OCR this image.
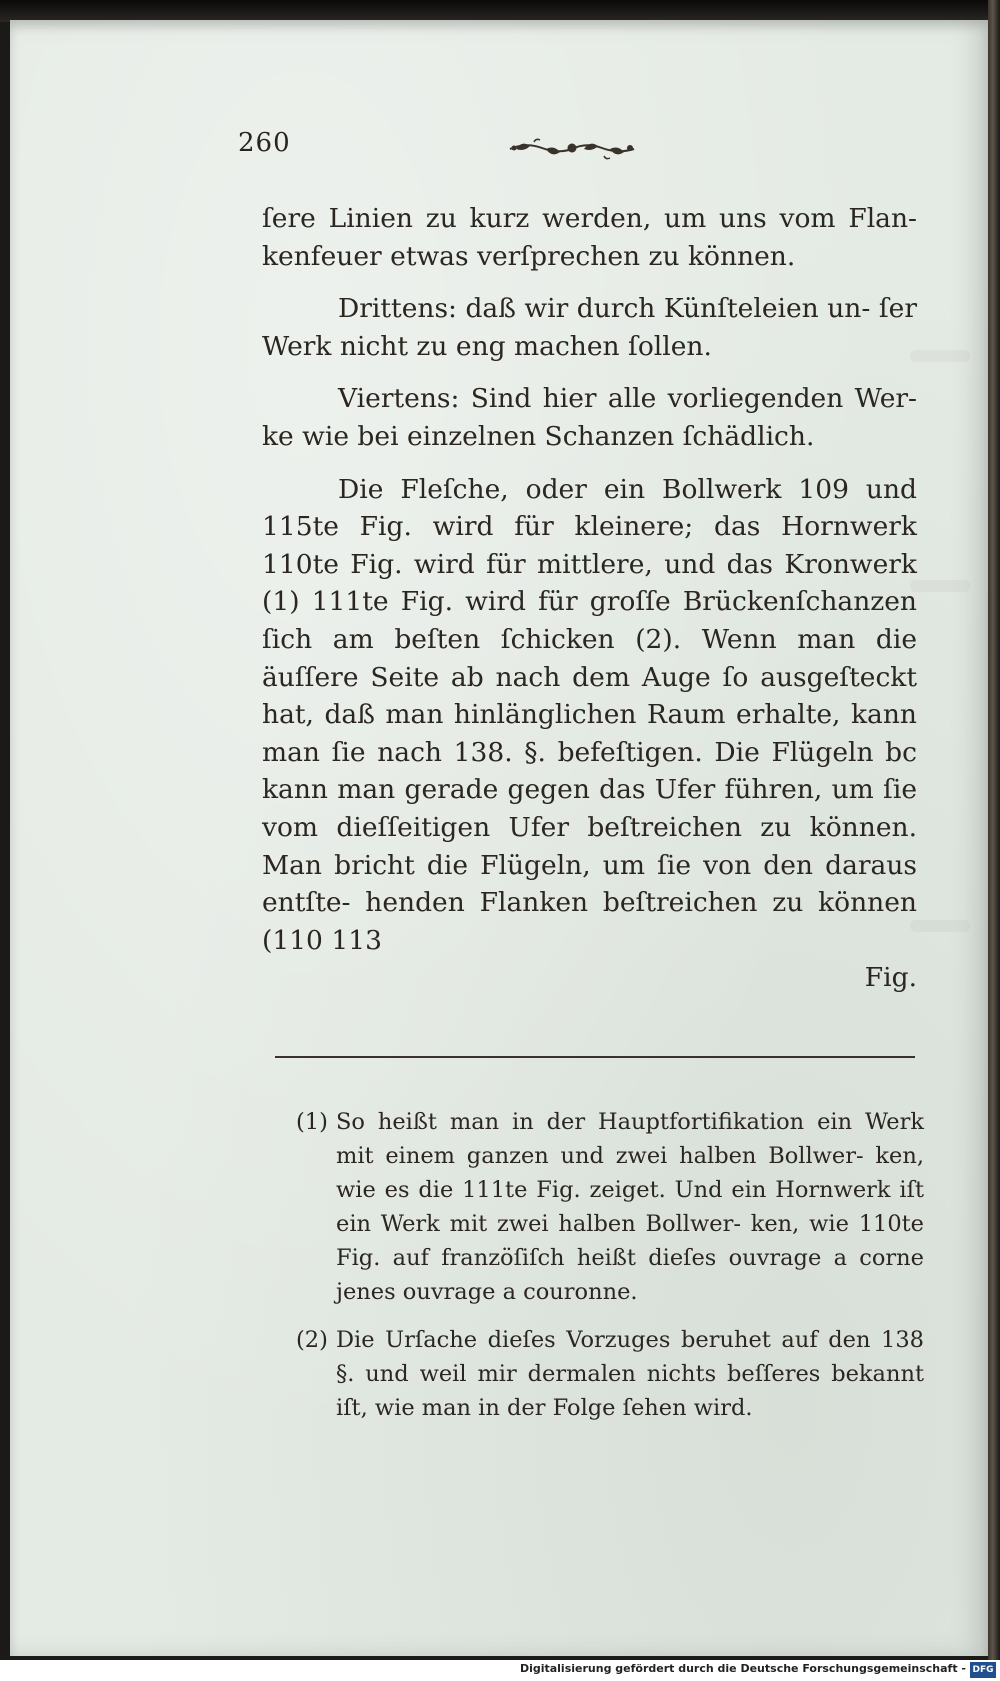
260

ſere Linien zu kurz werden, um uns vom Flan- kenfeuer etwas verſprechen zu können.

Drittens: daß wir durch Künſteleien un- ſer Werk nicht zu eng machen ſollen.

Viertens: Sind hier alle vorliegenden Wer- ke wie bei einzelnen Schanzen ſchädlich.

Die Fleſche, oder ein Bollwerk 109 und 115te Fig. wird für kleinere; das Hornwerk 110te Fig. wird für mittlere, und das Kronwerk (1) 111te Fig. wird für groſſe Brückenſchanzen ſich am beſten ſchicken (2). Wenn man die äuſſere Seite ab nach dem Auge ſo ausgeſteckt hat, daß man hinlänglichen Raum erhalte, kann man ſie nach 138. §. befeſtigen. Die Flügeln bc kann man gerade gegen das Ufer führen, um ſie vom dieſſeitigen Ufer beſtreichen zu können. Man bricht die Flügeln, um ſie von den daraus entſte- henden Flanken beſtreichen zu können (110 113

Fig.

(1) So heißt man in der Hauptfortifikation ein Werk mit einem ganzen und zwei halben Bollwer- ken, wie es die 111te Fig. zeiget. Und ein Hornwerk iſt ein Werk mit zwei halben Bollwer- ken, wie 110te Fig. auf franzöſiſch heißt dieſes ouvrage a corne jenes ouvrage a couronne.
(2) Die Urſache dieſes Vorzuges beruhet auf den 138 §. und weil mir dermalen nichts beſſeres bekannt iſt, wie man in der Folge ſehen wird.
Digitalisierung gefördert durch die Deutsche Forschungsgemeinschaft - DFG
